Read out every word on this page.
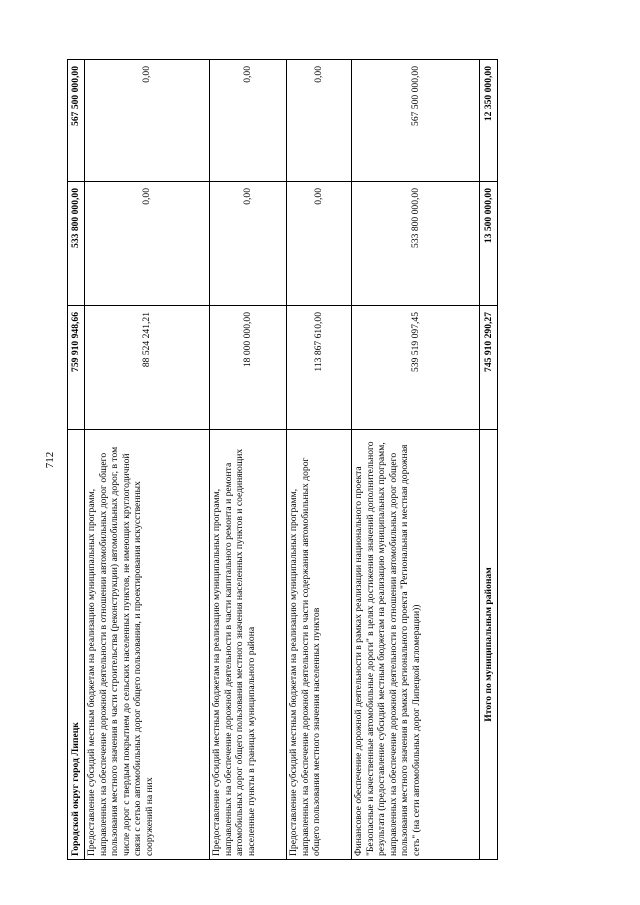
712
Городской округ город Липецк	759 910 948,66	533 800 000,00	567 500 000,00
Предоставление субсидий местным бюджетам на реализацию муниципальных программ, направленных на обеспечение дорожной деятельности в отношении автомобильных дорог общего пользования местного значения в части строительства (реконструкции) автомобильных дорог, в том числе дорог с твердым покрытием до сельских населенных пунктов, не имеющих круглогодичной связи с сетью автомобильных дорог общего пользования, и проектирования искусственных сооружений на них	88 524 241,21	0,00	0,00
Предоставление субсидий местным бюджетам на реализацию муниципальных программ, направленных на обеспечение дорожной деятельности в части капитального ремонта и ремонта автомобильных дорог общего пользования местного значения населенных пунктов и соединяющих населенные пункты в границах муниципального района	18 000 000,00	0,00	0,00
Предоставление субсидий местным бюджетам на реализацию муниципальных программ, направленных на обеспечение дорожной деятельности в части содержания автомобильных дорог общего пользования местного значения населенных пунктов	113 867 610,00	0,00	0,00
Финансовое обеспечение дорожной деятельности в рамках реализации национального проекта "Безопасные и качественные автомобильные дороги" в целях достижения значений дополнительного результата (предоставление субсидий местным бюджетам на реализацию муниципальных программ, направленных на обеспечение дорожной деятельности в отношении автомобильных дорог общего пользования местного значения в рамках регионального проекта "Региональная и местная дорожная сеть" (на сети автомобильных дорог Липецкой агломерации))	539 519 097,45	533 800 000,00	567 500 000,00
Итого по муниципальным районам	745 910 290,27	13 500 000,00	12 350 000,00
